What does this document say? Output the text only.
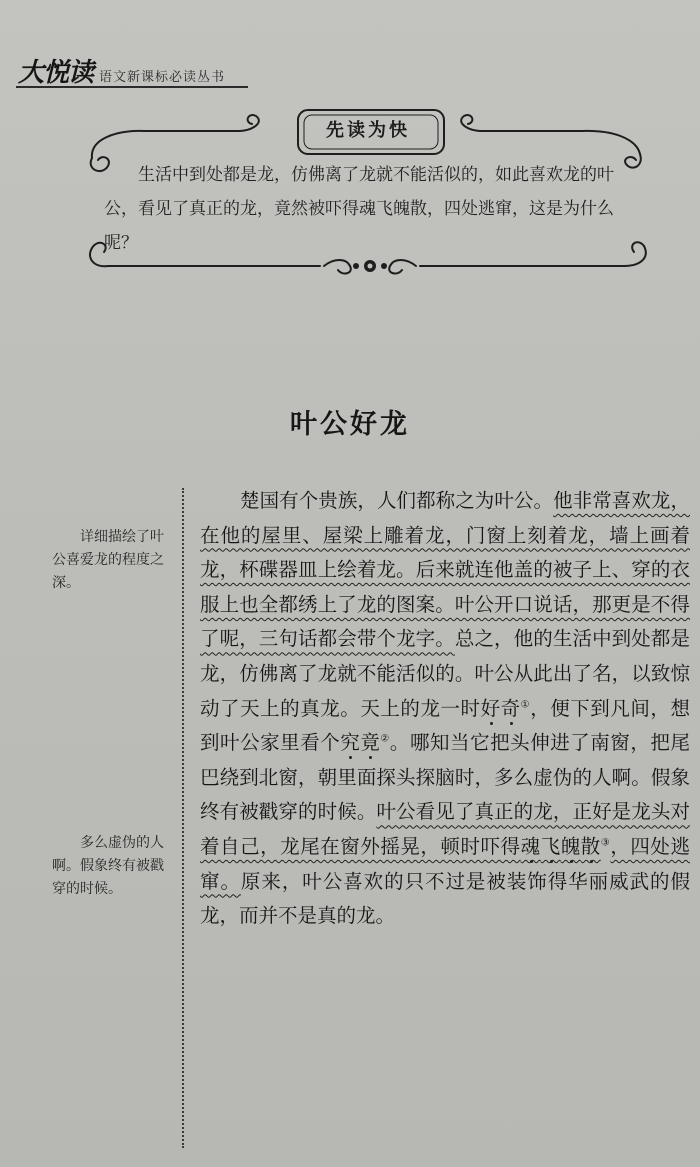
大悦读 语文新课标必读丛书
先读为快
生活中到处都是龙，仿佛离了龙就不能活似的，如此喜欢龙的叶公，看见了真正的龙，竟然被吓得魂飞魄散，四处逃窜，这是为什么呢？
叶公好龙
详细描绘了叶公喜爱龙的程度之深。
多么虚伪的人啊。假象终有被戳穿的时候。
楚国有个贵族，人们都称之为叶公。他非常喜欢龙，在他的屋里、屋梁上雕着龙，门窗上刻着龙，墙上画着龙，杯碟器皿上绘着龙。后来就连他盖的被子上、穿的衣服上也全都绣上了龙的图案。叶公开口说话，那更是不得了呢，三句话都会带个龙字。总之，他的生活中到处都是龙，仿佛离了龙就不能活似的。叶公从此出了名，以致惊动了天上的真龙。天上的龙一时好奇①，便下到凡间，想到叶公家里看个究竟②。哪知当它把头伸进了南窗，把尾巴绕到北窗，朝里面探头探脑时，多么虚伪的人啊。假象终有被戳穿的时候。叶公看见了真正的龙，正好是龙头对着自己，龙尾在窗外摇晃，顿时吓得魂飞魄散③，四处逃窜。原来，叶公喜欢的只不过是被装饰得华丽威武的假龙，而并不是真的龙。
